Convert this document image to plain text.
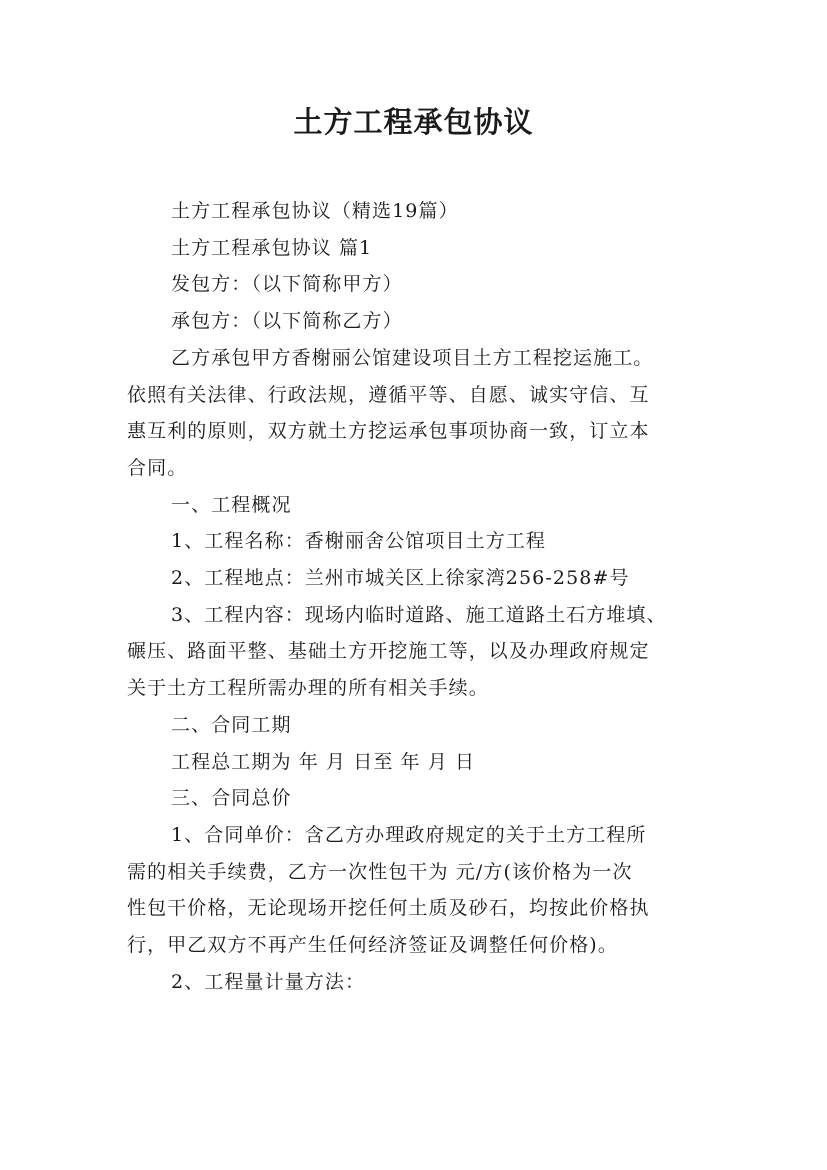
土方工程承包协议

土方工程承包协议（精选19篇）

土方工程承包协议 篇1

发包方：（以下简称甲方）

承包方：（以下简称乙方）

乙方承包甲方香榭丽公馆建设项目土方工程挖运施工。

依照有关法律、行政法规，遵循平等、自愿、诚实守信、互

惠互利的原则，双方就土方挖运承包事项协商一致，订立本

合同。

一、工程概况

1、工程名称：香榭丽舍公馆项目土方工程

2、工程地点：兰州市城关区上徐家湾256-258#号

3、工程内容：现场内临时道路、施工道路土石方堆填、

碾压、路面平整、基础土方开挖施工等，以及办理政府规定

关于土方工程所需办理的所有相关手续。

二、合同工期

工程总工期为 年 月 日至 年 月 日

三、合同总价

1、合同单价：含乙方办理政府规定的关于土方工程所

需的相关手续费，乙方一次性包干为 元/方(该价格为一次

性包干价格，无论现场开挖任何土质及砂石，均按此价格执

行，甲乙双方不再产生任何经济签证及调整任何价格)。

2、工程量计量方法：
